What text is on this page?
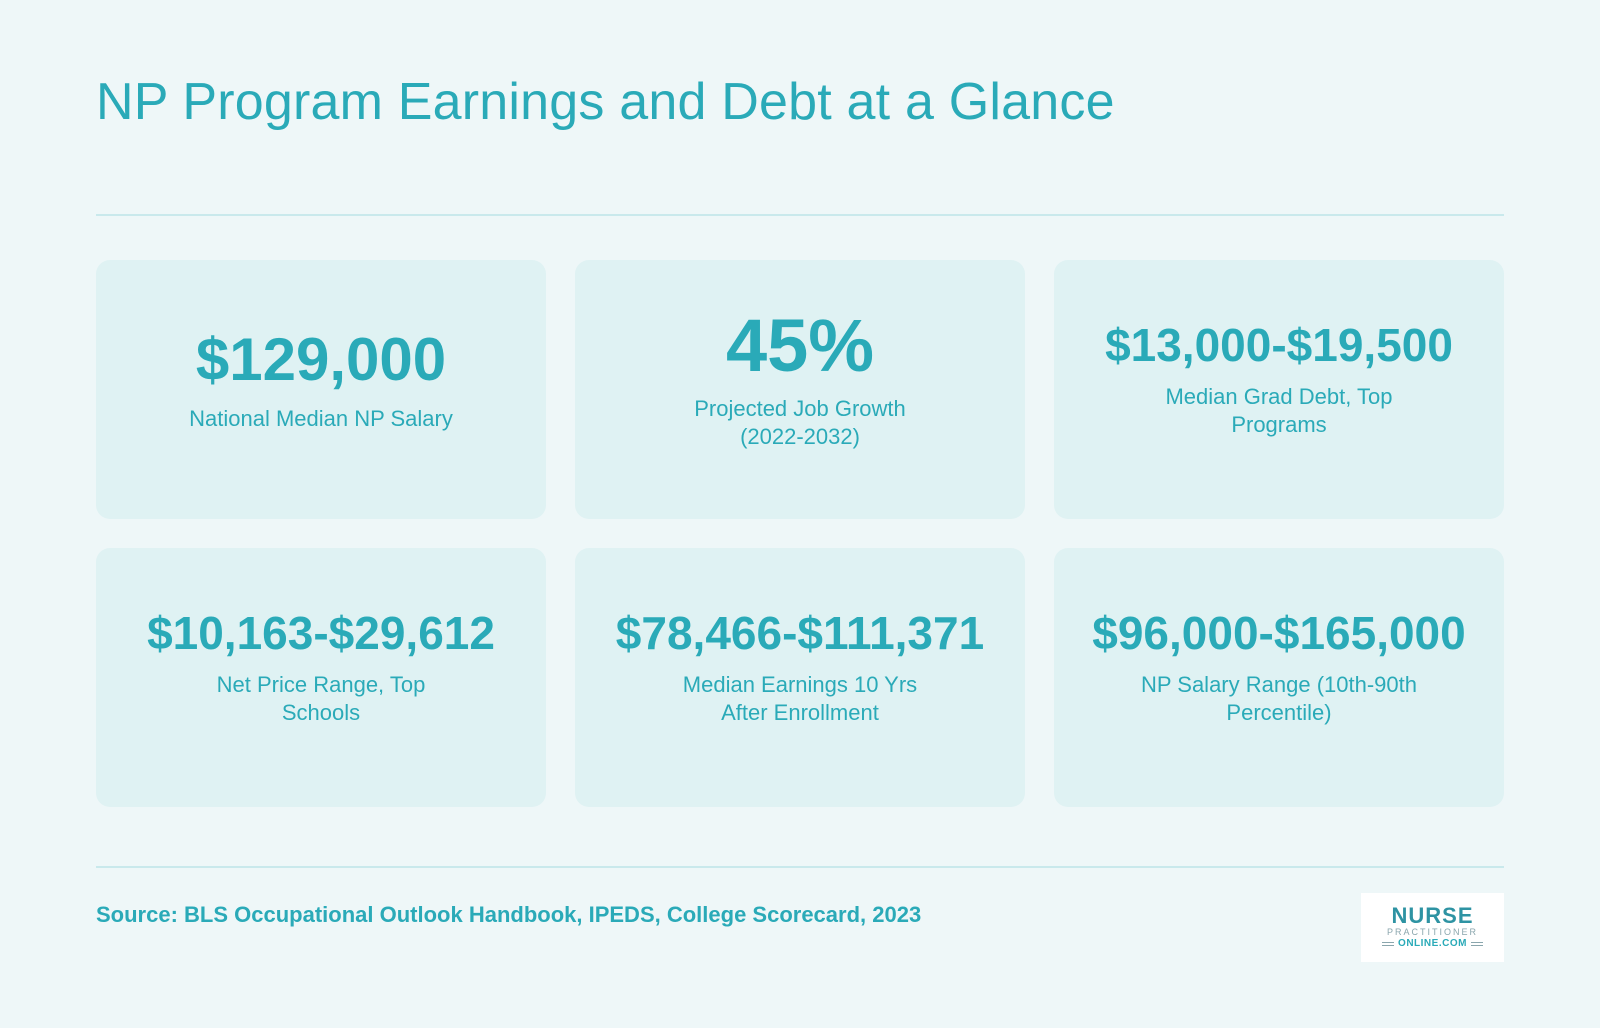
NP Program Earnings and Debt at a Glance
$129,000
National Median NP Salary
45%
Projected Job Growth (2022-2032)
$13,000-$19,500
Median Grad Debt, Top Programs
$10,163-$29,612
Net Price Range, Top Schools
$78,466-$111,371
Median Earnings 10 Yrs After Enrollment
$96,000-$165,000
NP Salary Range (10th-90th Percentile)
Source: BLS Occupational Outlook Handbook, IPEDS, College Scorecard, 2023	NURSE
PRACTITIONER
ONLINE.COM
